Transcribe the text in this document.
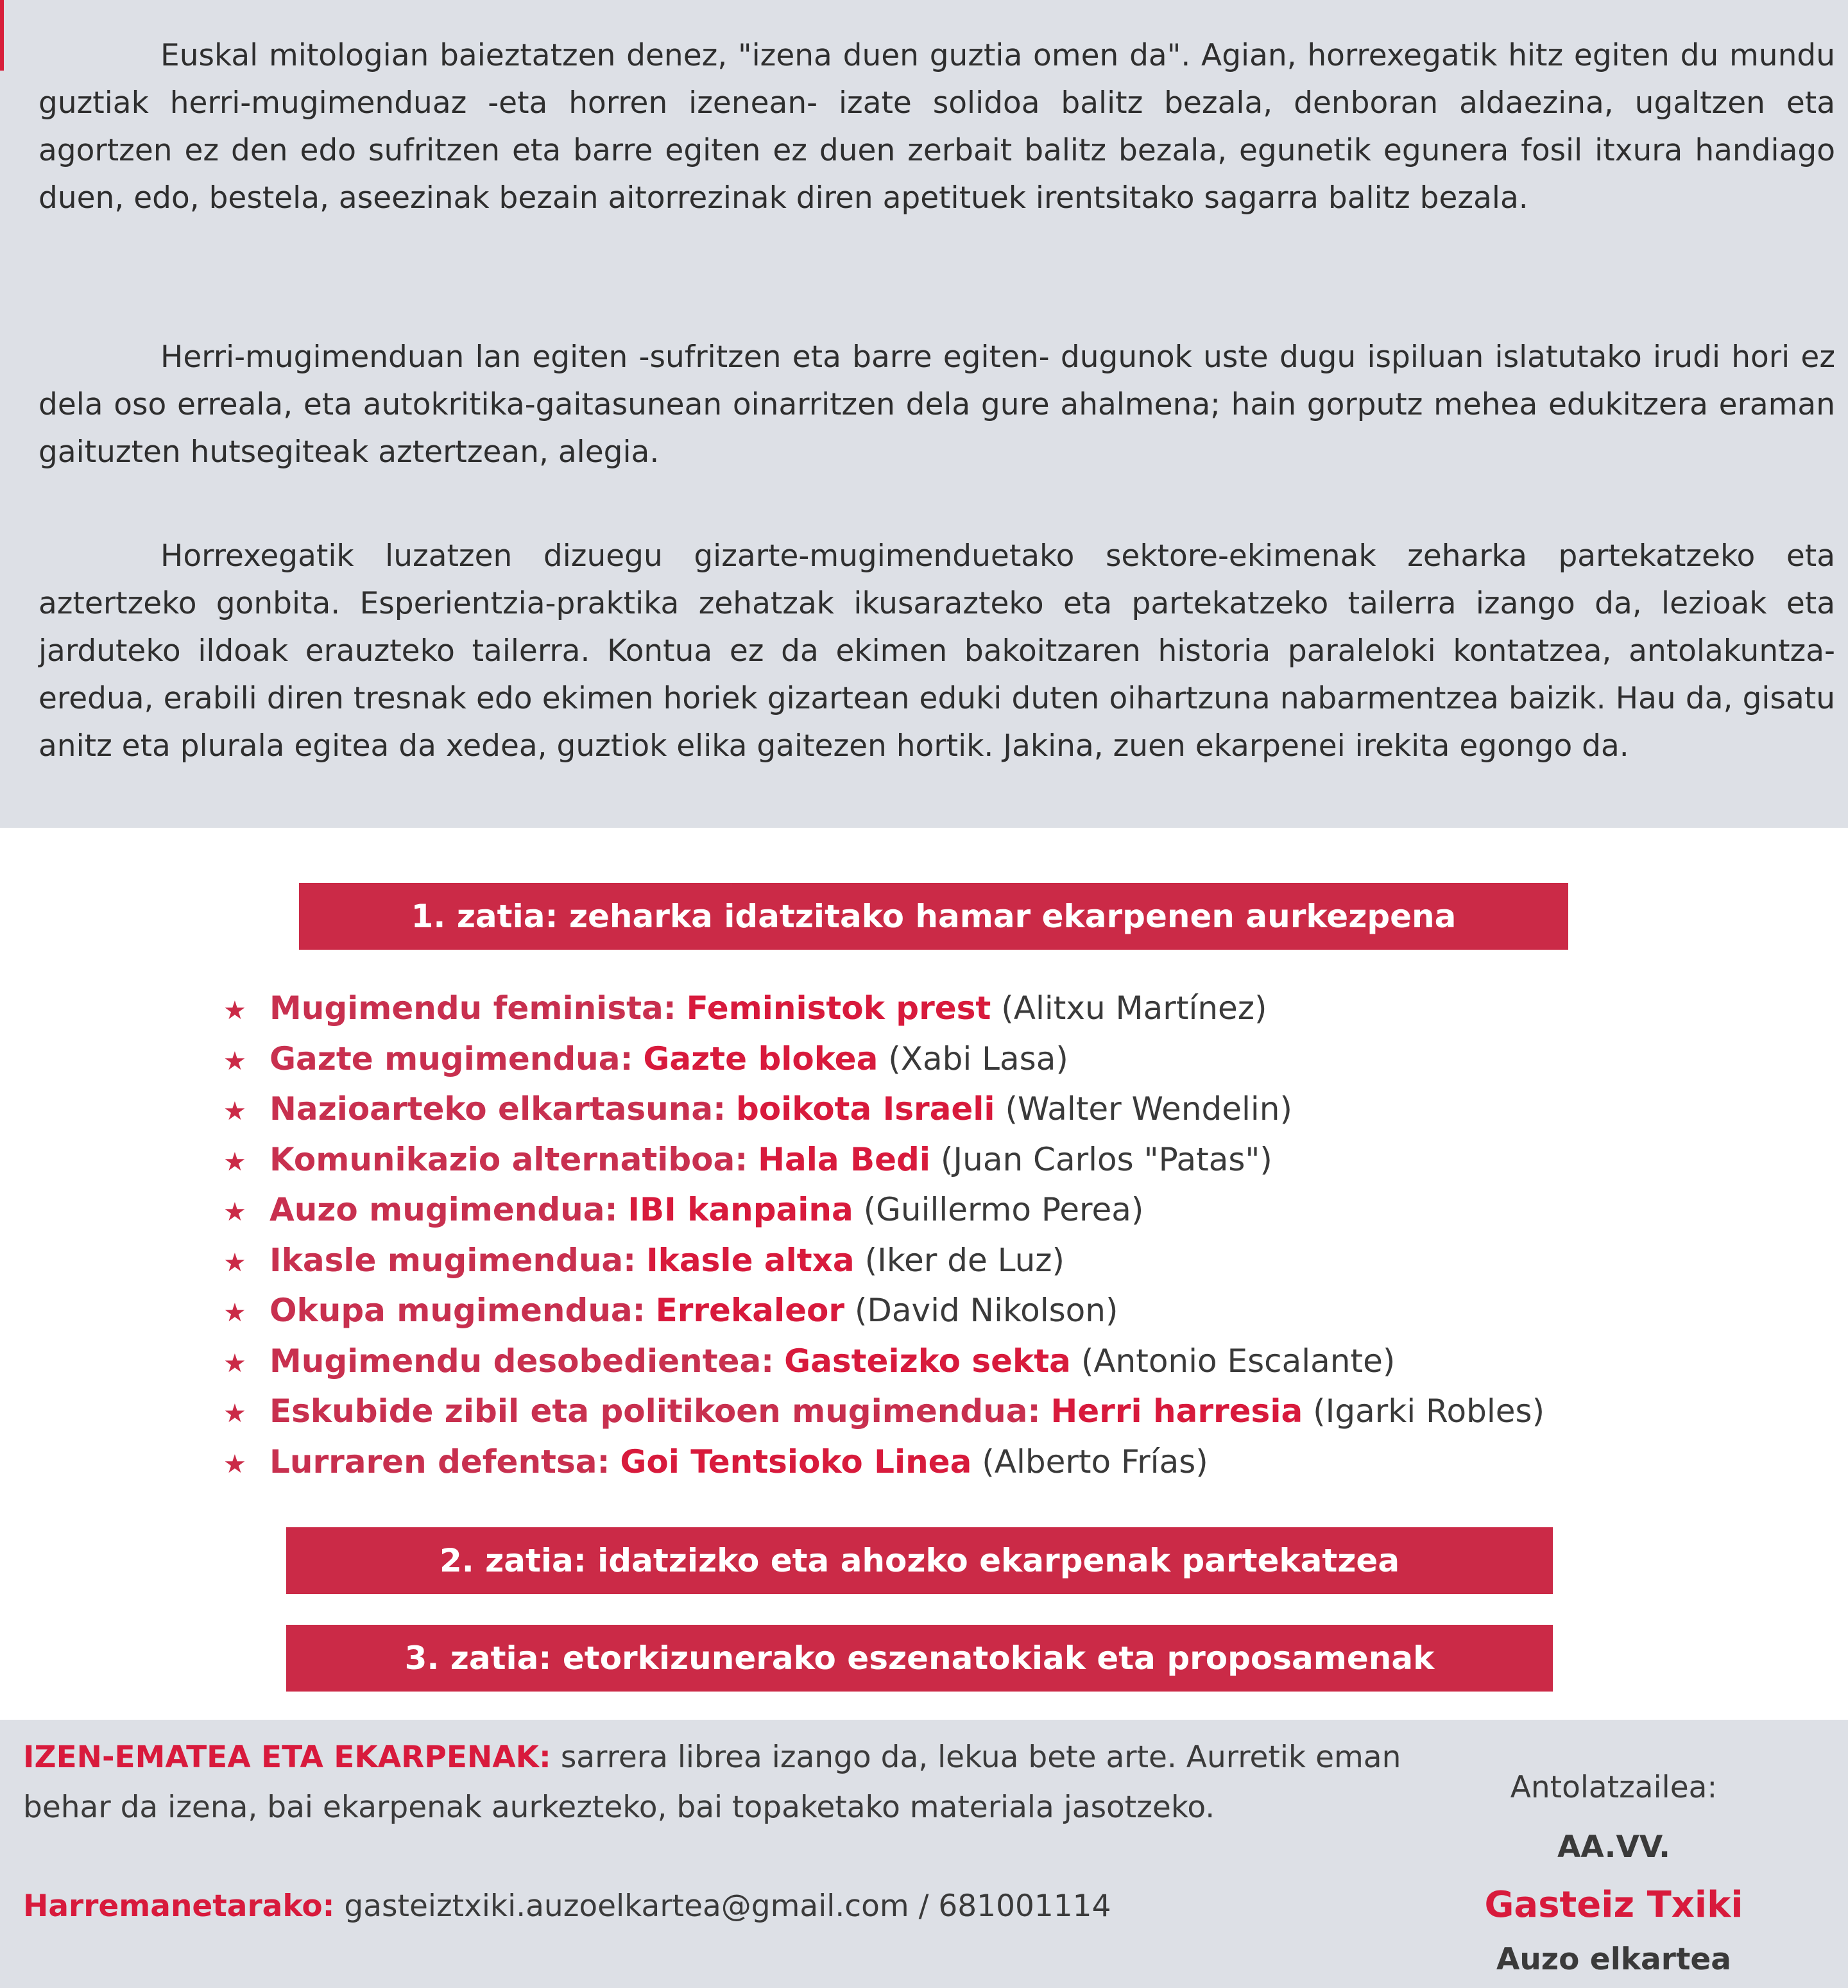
Euskal mitologian baieztatzen denez, "izena duen guztia omen da". Agian, horrexegatik hitz egiten du mundu guztiak herri-mugimenduaz -eta horren izenean- izate solidoa balitz bezala, denboran aldaezina, ugaltzen eta agortzen ez den edo sufritzen eta barre egiten ez duen zerbait balitz bezala, egunetik egunera fosil itxura handiago duen, edo, bestela, aseezinak bezain aitorrezinak diren apetituek irentsitako sagarra balitz bezala.

Herri-mugimenduan lan egiten -sufritzen eta barre egiten- dugunok uste dugu ispiluan islatutako irudi hori ez dela oso erreala, eta autokritika-gaitasunean oinarritzen dela gure ahalmena; hain gorputz mehea edukitzera eraman gaituzten hutsegiteak aztertzean, alegia.

Horrexegatik luzatzen dizuegu gizarte-mugimenduetako sektore-ekimenak zeharka partekatzeko eta aztertzeko gonbita. Esperientzia-praktika zehatzak ikusarazteko eta partekatzeko tailerra izango da, lezioak eta jarduteko ildoak erauzteko tailerra. Kontua ez da ekimen bakoitzaren historia paraleloki kontatzea, antolakuntza-eredua, erabili diren tresnak edo ekimen horiek gizartean eduki duten oihartzuna nabarmentzea baizik. Hau da, gisatu anitz eta plurala egitea da xedea, guztiok elika gaitezen hortik. Jakina, zuen ekarpenei irekita egongo da.

1. zatia: zeharka idatzitako hamar ekarpenen aurkezpena
★ Mugimendu feminista: Feministok prest (Alitxu Martínez)
★ Gazte mugimendua: Gazte blokea (Xabi Lasa)
★ Nazioarteko elkartasuna: boikota Israeli (Walter Wendelin)
★ Komunikazio alternatiboa: Hala Bedi (Juan Carlos "Patas")
★ Auzo mugimendua: IBI kanpaina (Guillermo Perea)
★ Ikasle mugimendua: Ikasle altxa (Iker de Luz)
★ Okupa mugimendua: Errekaleor (David Nikolson)
★ Mugimendu desobedientea: Gasteizko sekta (Antonio Escalante)
★ Eskubide zibil eta politikoen mugimendua: Herri harresia (Igarki Robles)
★ Lurraren defentsa: Goi Tentsioko Linea (Alberto Frías)
2. zatia: idatzizko eta ahozko ekarpenak partekatzea
3. zatia: etorkizunerako eszenatokiak eta proposamenak
IZEN-EMATEA ETA EKARPENAK: sarrera librea izango da, lekua bete arte. Aurretik eman behar da izena, bai ekarpenak aurkezteko, bai topaketako materiala jasotzeko.
Harremanetarako: gasteiztxiki.auzoelkartea@gmail.com / 681001114
Antolatzailea:
AA.VV.
Gasteiz Txiki
Auzo elkartea
